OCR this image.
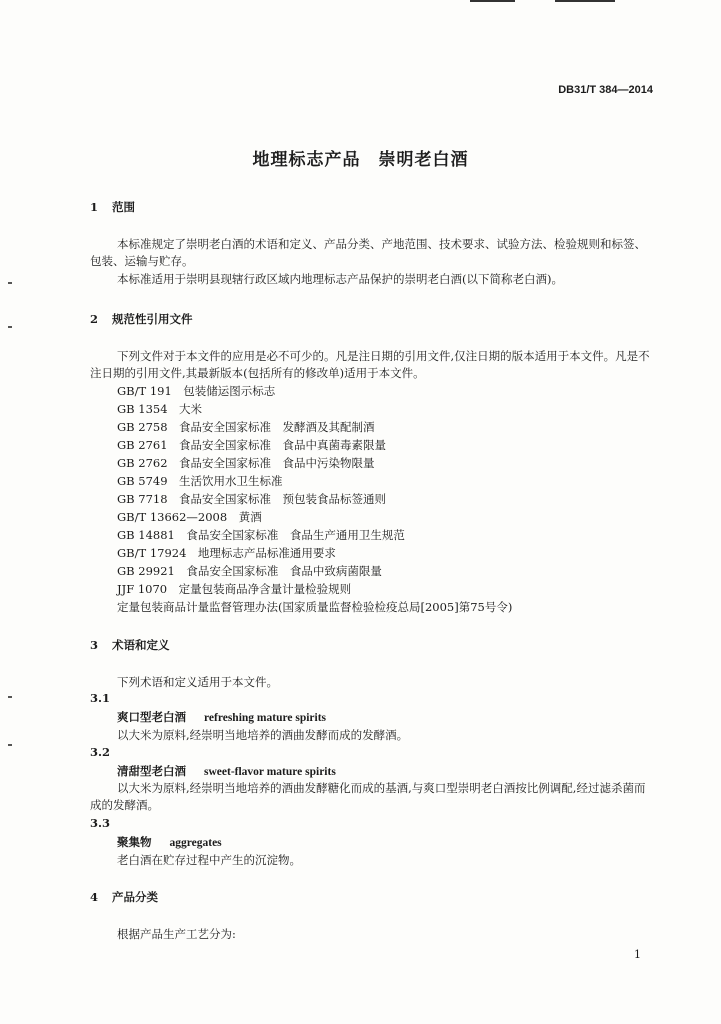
DB31/T 384—2014
地理标志产品　崇明老白酒
1 范围
本标准规定了崇明老白酒的术语和定义、产品分类、产地范围、技术要求、试验方法、检验规则和标签、包装、运输与贮存。
本标准适用于崇明县现辖行政区域内地理标志产品保护的崇明老白酒(以下简称老白酒)。
2 规范性引用文件
下列文件对于本文件的应用是必不可少的。凡是注日期的引用文件,仅注日期的版本适用于本文件。凡是不注日期的引用文件,其最新版本(包括所有的修改单)适用于本文件。
GB/T 191　包装储运图示标志
GB 1354　大米
GB 2758　食品安全国家标准　发酵酒及其配制酒
GB 2761　食品安全国家标准　食品中真菌毒素限量
GB 2762　食品安全国家标准　食品中污染物限量
GB 5749　生活饮用水卫生标准
GB 7718　食品安全国家标准　预包装食品标签通则
GB/T 13662—2008　黄酒
GB 14881　食品安全国家标准　食品生产通用卫生规范
GB/T 17924　地理标志产品标准通用要求
GB 29921　食品安全国家标准　食品中致病菌限量
JJF 1070　定量包装商品净含量计量检验规则
定量包装商品计量监督管理办法(国家质量监督检验检疫总局[2005]第75号令)
3 术语和定义
下列术语和定义适用于本文件。
3.1
爽口型老白酒 refreshing mature spirits
以大米为原料,经崇明当地培养的酒曲发酵而成的发酵酒。
3.2
清甜型老白酒 sweet-flavor mature spirits
以大米为原料,经崇明当地培养的酒曲发酵糖化而成的基酒,与爽口型崇明老白酒按比例调配,经过滤杀菌而成的发酵酒。
3.3
聚集物 aggregates
老白酒在贮存过程中产生的沉淀物。
4 产品分类
根据产品生产工艺分为:
1
